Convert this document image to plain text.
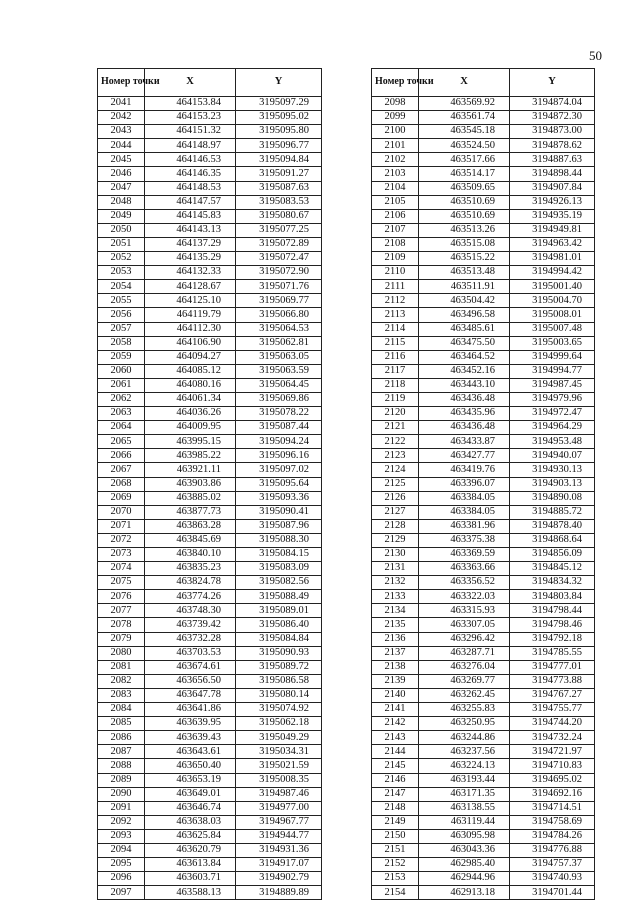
50
Номер точки	X	Y
2041	464153.84	3195097.29
2042	464153.23	3195095.02
2043	464151.32	3195095.80
2044	464148.97	3195096.77
2045	464146.53	3195094.84
2046	464146.35	3195091.27
2047	464148.53	3195087.63
2048	464147.57	3195083.53
2049	464145.83	3195080.67
2050	464143.13	3195077.25
2051	464137.29	3195072.89
2052	464135.29	3195072.47
2053	464132.33	3195072.90
2054	464128.67	3195071.76
2055	464125.10	3195069.77
2056	464119.79	3195066.80
2057	464112.30	3195064.53
2058	464106.90	3195062.81
2059	464094.27	3195063.05
2060	464085.12	3195063.59
2061	464080.16	3195064.45
2062	464061.34	3195069.86
2063	464036.26	3195078.22
2064	464009.95	3195087.44
2065	463995.15	3195094.24
2066	463985.22	3195096.16
2067	463921.11	3195097.02
2068	463903.86	3195095.64
2069	463885.02	3195093.36
2070	463877.73	3195090.41
2071	463863.28	3195087.96
2072	463845.69	3195088.30
2073	463840.10	3195084.15
2074	463835.23	3195083.09
2075	463824.78	3195082.56
2076	463774.26	3195088.49
2077	463748.30	3195089.01
2078	463739.42	3195086.40
2079	463732.28	3195084.84
2080	463703.53	3195090.93
2081	463674.61	3195089.72
2082	463656.50	3195086.58
2083	463647.78	3195080.14
2084	463641.86	3195074.92
2085	463639.95	3195062.18
2086	463639.43	3195049.29
2087	463643.61	3195034.31
2088	463650.40	3195021.59
2089	463653.19	3195008.35
2090	463649.01	3194987.46
2091	463646.74	3194977.00
2092	463638.03	3194967.77
2093	463625.84	3194944.77
2094	463620.79	3194931.36
2095	463613.84	3194917.07
2096	463603.71	3194902.79
2097	463588.13	3194889.89
Номер точки	X	Y
2098	463569.92	3194874.04
2099	463561.74	3194872.30
2100	463545.18	3194873.00
2101	463524.50	3194878.62
2102	463517.66	3194887.63
2103	463514.17	3194898.44
2104	463509.65	3194907.84
2105	463510.69	3194926.13
2106	463510.69	3194935.19
2107	463513.26	3194949.81
2108	463515.08	3194963.42
2109	463515.22	3194981.01
2110	463513.48	3194994.42
2111	463511.91	3195001.40
2112	463504.42	3195004.70
2113	463496.58	3195008.01
2114	463485.61	3195007.48
2115	463475.50	3195003.65
2116	463464.52	3194999.64
2117	463452.16	3194994.77
2118	463443.10	3194987.45
2119	463436.48	3194979.96
2120	463435.96	3194972.47
2121	463436.48	3194964.29
2122	463433.87	3194953.48
2123	463427.77	3194940.07
2124	463419.76	3194930.13
2125	463396.07	3194903.13
2126	463384.05	3194890.08
2127	463384.05	3194885.72
2128	463381.96	3194878.40
2129	463375.38	3194868.64
2130	463369.59	3194856.09
2131	463363.66	3194845.12
2132	463356.52	3194834.32
2133	463322.03	3194803.84
2134	463315.93	3194798.44
2135	463307.05	3194798.46
2136	463296.42	3194792.18
2137	463287.71	3194785.55
2138	463276.04	3194777.01
2139	463269.77	3194773.88
2140	463262.45	3194767.27
2141	463255.83	3194755.77
2142	463250.95	3194744.20
2143	463244.86	3194732.24
2144	463237.56	3194721.97
2145	463224.13	3194710.83
2146	463193.44	3194695.02
2147	463171.35	3194692.16
2148	463138.55	3194714.51
2149	463119.44	3194758.69
2150	463095.98	3194784.26
2151	463043.36	3194776.88
2152	462985.40	3194757.37
2153	462944.96	3194740.93
2154	462913.18	3194701.44
